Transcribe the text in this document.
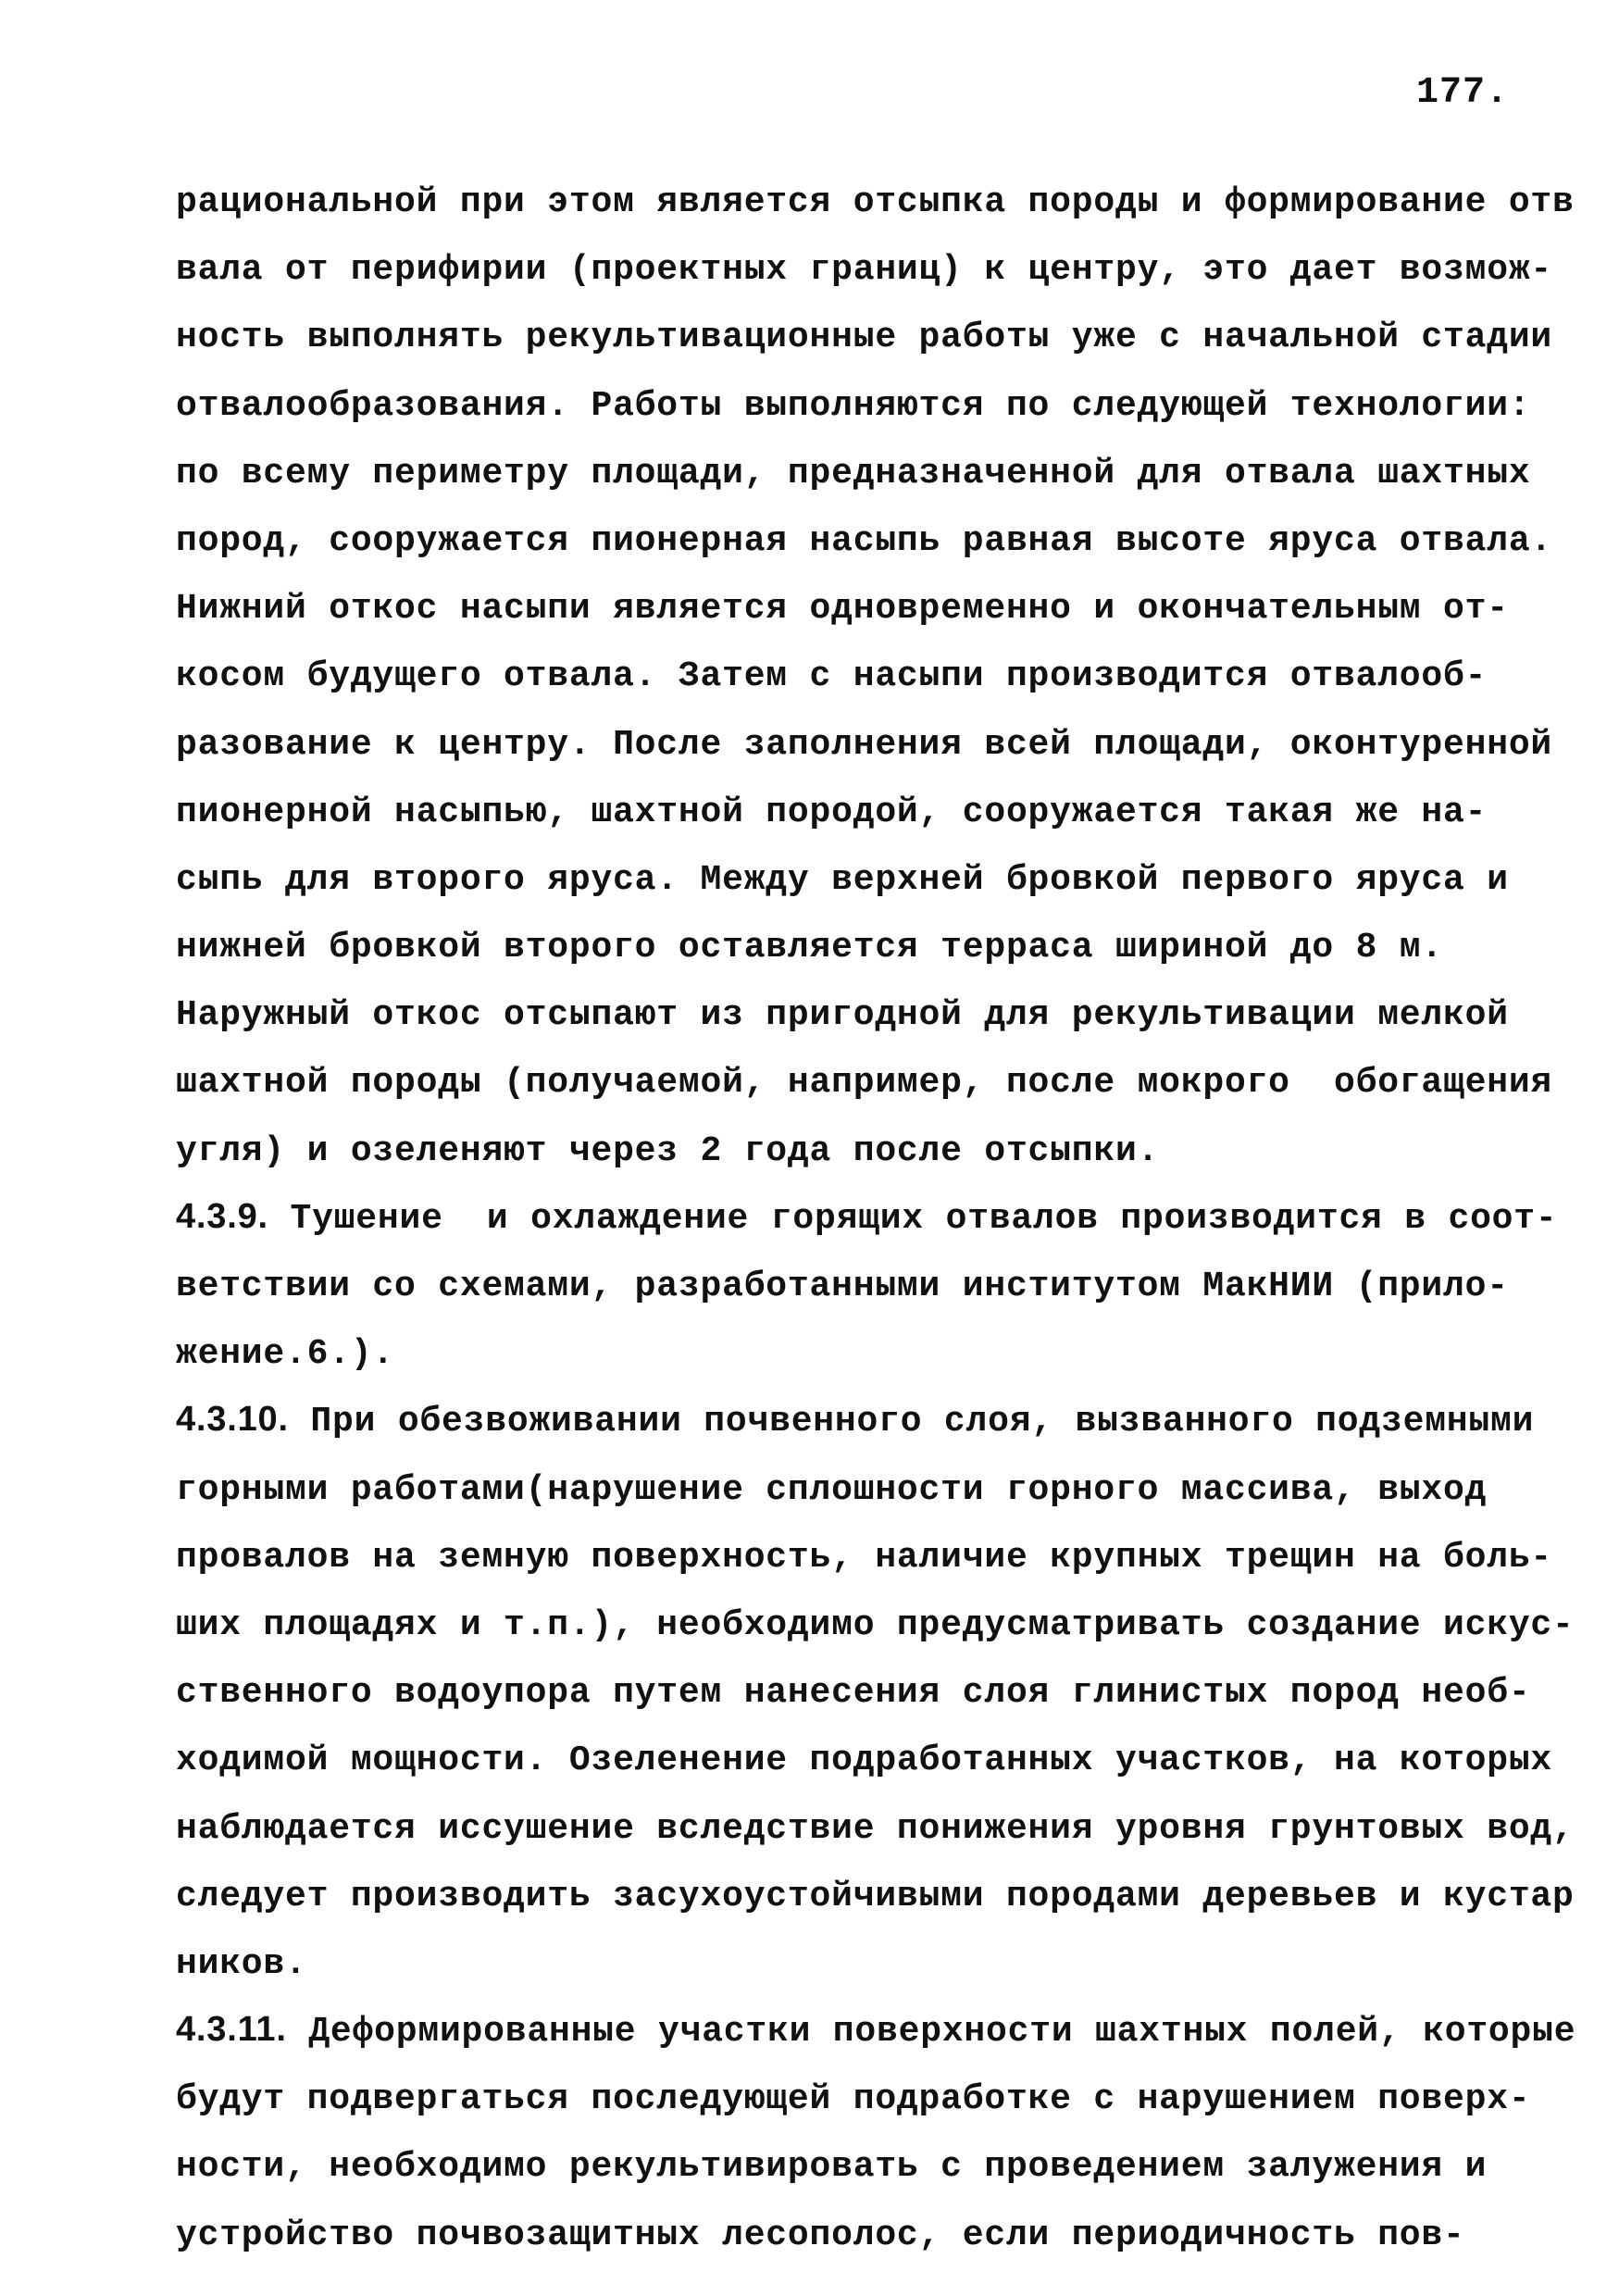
177.
рациональной при этом является отсыпка породы и формирование отв
вала от перифирии (проектных границ) к центру, это дает возмож-
ность выполнять рекультивационные работы уже с начальной стадии
отвалообразования. Работы выполняются по следующей технологии:
по всему периметру площади, предназначенной для отвала шахтных
пород, сооружается пионерная насыпь равная высоте яруса отвала.
Нижний откос насыпи является одновременно и окончательным от-
косом будущего отвала. Затем с насыпи производится отвалооб-
разование к центру. После заполнения всей площади, оконтуренной
пионерной насыпью, шахтной породой, сооружается такая же на-
сыпь для второго яруса. Между верхней бровкой первого яруса и
нижней бровкой второго оставляется терраса шириной до 8 м.
Наружный откос отсыпают из пригодной для рекультивации мелкой
шахтной породы (получаемой, например, после мокрого  обогащения
угля) и озеленяют через 2 года после отсыпки.
4.3.9. Тушение  и охлаждение горящих отвалов производится в соот-
ветствии со схемами, разработанными институтом МакНИИ (прило-
жение.6.).
4.3.10. При обезвоживании почвенного слоя, вызванного подземными
горными работами(нарушение сплошности горного массива, выход
провалов на земную поверхность, наличие крупных трещин на боль-
ших площадях и т.п.), необходимо предусматривать создание искус-
ственного водоупора путем нанесения слоя глинистых пород необ-
ходимой мощности. Озеленение подработанных участков, на которых
наблюдается иссушение вследствие понижения уровня грунтовых вод,
следует производить засухоустойчивыми породами деревьев и кустар
ников.
4.3.11. Деформированные участки поверхности шахтных полей, которые
будут подвергаться последующей подработке с нарушением поверх-
ности, необходимо рекультивировать с проведением залужения и
устройство почвозащитных лесополос, если периодичность пов-
